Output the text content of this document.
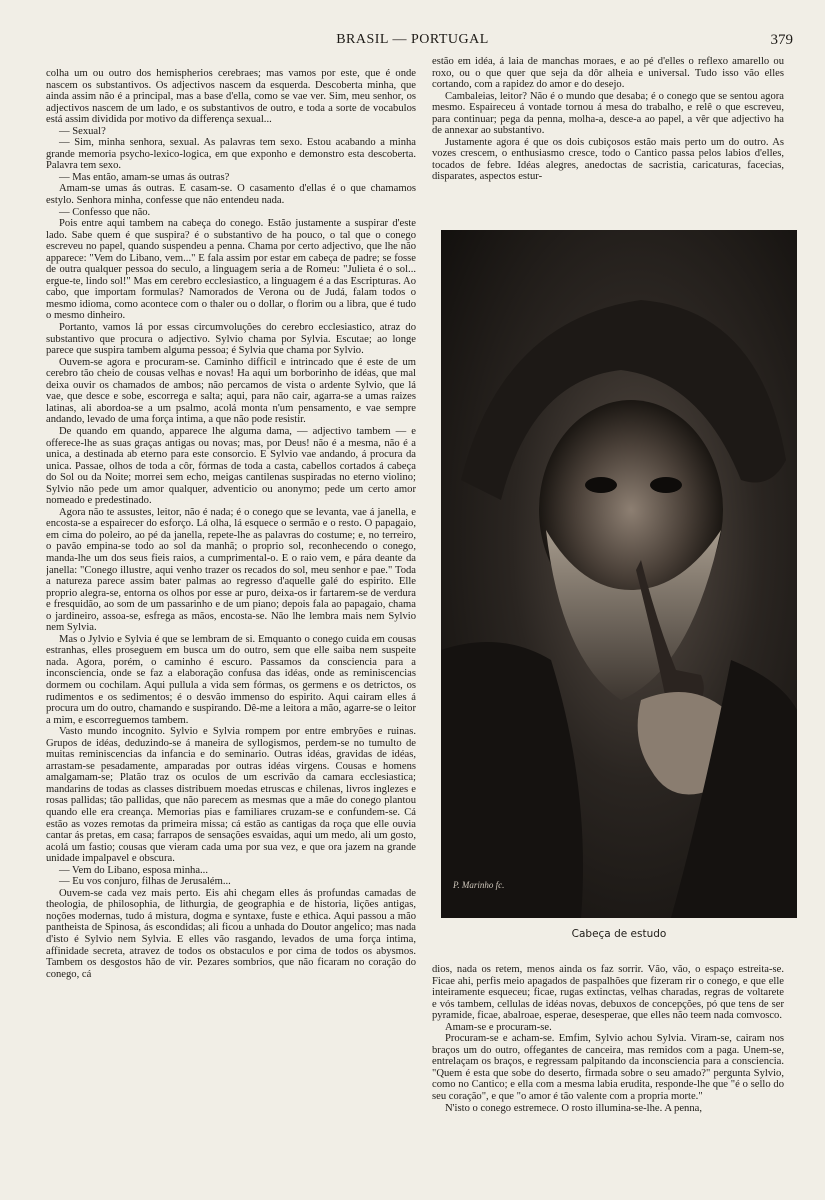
BRASIL — PORTUGAL	379

colha um ou outro dos hemispherios cerebraes; mas vamos por este, que é onde nascem os substantivos. Os adjectivos nascem da esquerda. Descoberta minha, que ainda assim não é a principal, mas a base d'ella, como se vae ver. Sim, meu senhor, os adjectivos nascem de um lado, e os substantivos de outro, e toda a sorte de vocabulos está assim dividida por motivo da differença sexual...

— Sexual?

— Sim, minha senhora, sexual. As palavras tem sexo. Estou acabando a minha grande memoria psycho-lexico-logica, em que exponho e demonstro esta descoberta. Palavra tem sexo.

— Mas então, amam-se umas ás outras?

Amam-se umas ás outras. E casam-se. O casamento d'ellas é o que chamamos estylo. Senhora minha, confesse que não entendeu nada.

— Confesso que não.

Pois entre aqui tambem na cabeça do conego. Estão justamente a suspirar d'este lado. Sabe quem é que suspira? é o substantivo de ha pouco, o tal que o conego escreveu no papel, quando suspendeu a penna. Chama por certo adjectivo, que lhe não apparece: "Vem do Libano, vem..." E fala assim por estar em cabeça de padre; se fosse de outra qualquer pessoa do seculo, a linguagem seria a de Romeu: "Julieta é o sol... ergue-te, lindo sol!" Mas em cerebro ecclesiastico, a linguagem é a das Escripturas. Ao cabo, que importam formulas? Namorados de Verona ou de Judá, falam todos o mesmo idioma, como acontece com o thaler ou o dollar, o florim ou a libra, que é tudo o mesmo dinheiro.

Portanto, vamos lá por essas circumvoluções do cerebro ecclesiastico, atraz do substantivo que procura o adjectivo. Sylvio chama por Sylvia. Escutae; ao longe parece que suspira tambem alguma pessoa; é Sylvia que chama por Sylvio.

Ouvem-se agora e procuram-se. Caminho difficil e intrincado que é este de um cerebro tão cheio de cousas velhas e novas! Ha aqui um borborinho de idéas, que mal deixa ouvir os chamados de ambos; não percamos de vista o ardente Sylvio, que lá vae, que desce e sobe, escorrega e salta; aqui, para não cair, agarra-se a umas raizes latinas, ali abordoa-se a um psalmo, acolá monta n'um pensamento, e vae sempre andando, levado de uma força intima, a que não pode resistir.

De quando em quando, apparece lhe alguma dama, — adjectivo tambem — e offerece-lhe as suas graças antigas ou novas; mas, por Deus! não é a mesma, não é a unica, a destinada ab eterno para este consorcio. E Sylvio vae andando, á procura da unica. Passae, olhos de toda a côr, fórmas de toda a casta, cabellos cortados á cabeça do Sol ou da Noite; morrei sem echo, meigas cantilenas suspiradas no eterno violino; Sylvio não pede um amor qualquer, adventicio ou anonymo; pede um certo amor nomeado e predestinado.

Agora não te assustes, leitor, não é nada; é o conego que se levanta, vae á janella, e encosta-se a espairecer do esforço. Lá olha, lá esquece o sermão e o resto. O papagaio, em cima do poleiro, ao pé da janella, repete-lhe as palavras do costume; e, no terreiro, o pavão empina-se todo ao sol da manhã; o proprio sol, reconhecendo o conego, manda-lhe um dos seus fieis raios, a cumprimental-o. E o raio vem, e pára deante da janella: "Conego illustre, aqui venho trazer os recados do sol, meu senhor e pae." Toda a natureza parece assim bater palmas ao regresso d'aquelle galé do espirito. Elle proprio alegra-se, entorna os olhos por esse ar puro, deixa-os ir fartarem-se de verdura e fresquidão, ao som de um passarinho e de um piano; depois fala ao papagaio, chama o jardineiro, assoa-se, esfrega as mãos, encosta-se. Não lhe lembra mais nem Sylvio nem Sylvia.

Mas o Jylvio e Sylvia é que se lembram de si. Emquanto o conego cuida em cousas estranhas, elles proseguem em busca um do outro, sem que elle saiba nem suspeite nada. Agora, porém, o caminho é escuro. Passamos da consciencia para a inconsciencia, onde se faz a elaboração confusa das idéas, onde as reminiscencias dormem ou cochilam. Aqui pullula a vida sem fórmas, os germens e os detrictos, os rudimentos e os sedimentos; é o desvão immenso do espirito. Aqui cairam elles á procura um do outro, chamando e suspirando. Dê-me a leitora a mão, agarre-se o leitor a mim, e escorreguemos tambem.

Vasto mundo incognito. Sylvio e Sylvia rompem por entre embryões e ruinas. Grupos de idéas, deduzindo-se á maneira de syllogismos, perdem-se no tumulto de muitas reminiscencias da infancia e do seminario. Outras idéas, gravidas de idéas, arrastam-se pesadamente, amparadas por outras idéas virgens. Cousas e homens amalgamam-se; Platão traz os oculos de um escrivão da camara ecclesiastica; mandarins de todas as classes distribuem moedas etruscas e chilenas, livros inglezes e rosas pallidas; tão pallidas, que não parecem as mesmas que a mãe do conego plantou quando elle era creança. Memorias pias e familiares cruzam-se e confundem-se. Cá estão as vozes remotas da primeira missa; cá estão as cantigas da roça que elle ouvia cantar ás pretas, em casa; farrapos de sensações esvaidas, aqui um medo, ali um gosto, acolá um fastio; cousas que vieram cada uma por sua vez, e que ora jazem na grande unidade impalpavel e obscura.

— Vem do Libano, esposa minha...

— Eu vos conjuro, filhas de Jerusalém...

Ouvem-se cada vez mais perto. Eis ahi chegam elles ás profundas camadas de theologia, de philosophia, de lithurgia, de geographia e de historia, lições antigas, noções modernas, tudo á mistura, dogma e syntaxe, fuste e ethica. Aqui passou a mão pantheista de Spinosa, ás escondidas; ali ficou a unhada do Doutor angelico; mas nada d'isto é Sylvio nem Sylvia. E elles vão rasgando, levados de uma força intima, affinidade secreta, atravez de todos os obstaculos e por cima de todos os abysmos. Tambem os desgostos hão de vir. Pezares sombrios, que não ficaram no coração do conego, cá

estão em idéa, á laia de manchas moraes, e ao pé d'elles o reflexo amarello ou roxo, ou o que quer que seja da dôr alheia e universal. Tudo isso vão elles cortando, com a rapidez do amor e do desejo.

Cambaleias, leitor? Não é o mundo que desaba; é o conego que se sentou agora mesmo. Espaireceu á vontade tornou á mesa do trabalho, e relê o que escreveu, para continuar; pega da penna, molha-a, desce-a ao papel, a vêr que adjectivo ha de annexar ao substantivo.

Justamente agora é que os dois cubiçosos estão mais perto um do outro. As vozes crescem, o enthusiasmo cresce, todo o Cantico passa pelos labios d'elles, tocados de febre. Idéas alegres, anedoctas de sacristia, caricaturas, facecias, disparates, aspectos estur-

P. Marinho fc.
Cabeça de estudo

dios, nada os retem, menos ainda os faz sorrir. Vão, vão, o espaço estreita-se. Ficae ahi, perfis meio apagados de paspalhões que fizeram rir o conego, e que elle inteiramente esqueceu; ficae, rugas extinctas, velhas charadas, regras de voltarete e vós tambem, cellulas de idéas novas, debuxos de concepções, pó que tens de ser pyramide, ficae, abalroae, esperae, desesperae, que elles não teem nada comvosco.

Amam-se e procuram-se.

Procuram-se e acham-se. Emfim, Sylvio achou Sylvia. Viram-se, cairam nos braços um do outro, offegantes de canceira, mas remidos com a paga. Unem-se, entrelaçam os braços, e regressam palpitando da inconsciencia para a consciencia. "Quem é esta que sobe do deserto, firmada sobre o seu amado?" pergunta Sylvio, como no Cantico; e ella com a mesma labia erudita, responde-lhe que "é o sello do seu coração", e que "o amor é tão valente com a propria morte."

N'isto o conego estremece. O rosto illumina-se-lhe. A penna,
